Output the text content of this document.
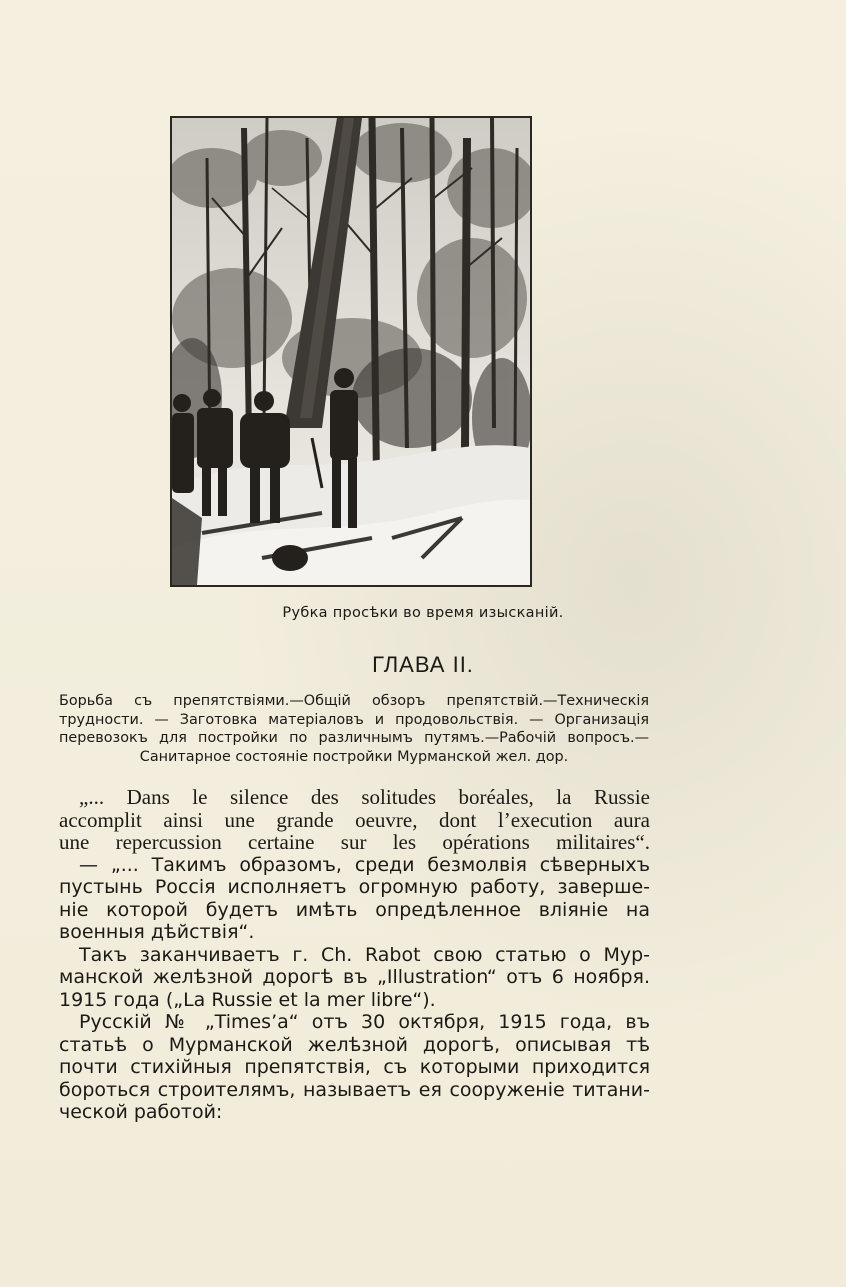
Рубка просѣки во время изысканій.
ГЛАВА II.
Борьба съ препятствіями.—Общій обзоръ препятствій.—Техническія
трудности. — Заготовка матеріаловъ и продовольствія. — Организація
перевозокъ для постройки по различнымъ путямъ.—Рабочій вопросъ.—
Санитарное состояніе постройки Мурманской жел. дор.
„... Dans le silence des solitudes boréales, la Russie
accomplit ainsi une grande oeuvre, dont l’execution aura
une repercussion certaine sur les opérations militaires“.
— „... Такимъ образомъ, среди безмолвія сѣверныхъ
пустынь Россія исполняетъ огромную работу, заверше-
ніе которой будетъ имѣть опредѣленное вліяніе на
военныя дѣйствія“.
Такъ заканчиваетъ г. Ch. Rabot свою статью о Мур-
манской желѣзной дорогѣ въ „Illustration“ отъ 6 ноября.
1915 года („La Russie et la mer libre“).
Русскій № „Times’a“ отъ 30 октября, 1915 года, въ
статьѣ о Мурманской желѣзной дорогѣ, описывая тѣ
почти стихійныя препятствія, съ которыми приходится
бороться строителямъ, называетъ ея сооруженіе титани-
ческой работой:
